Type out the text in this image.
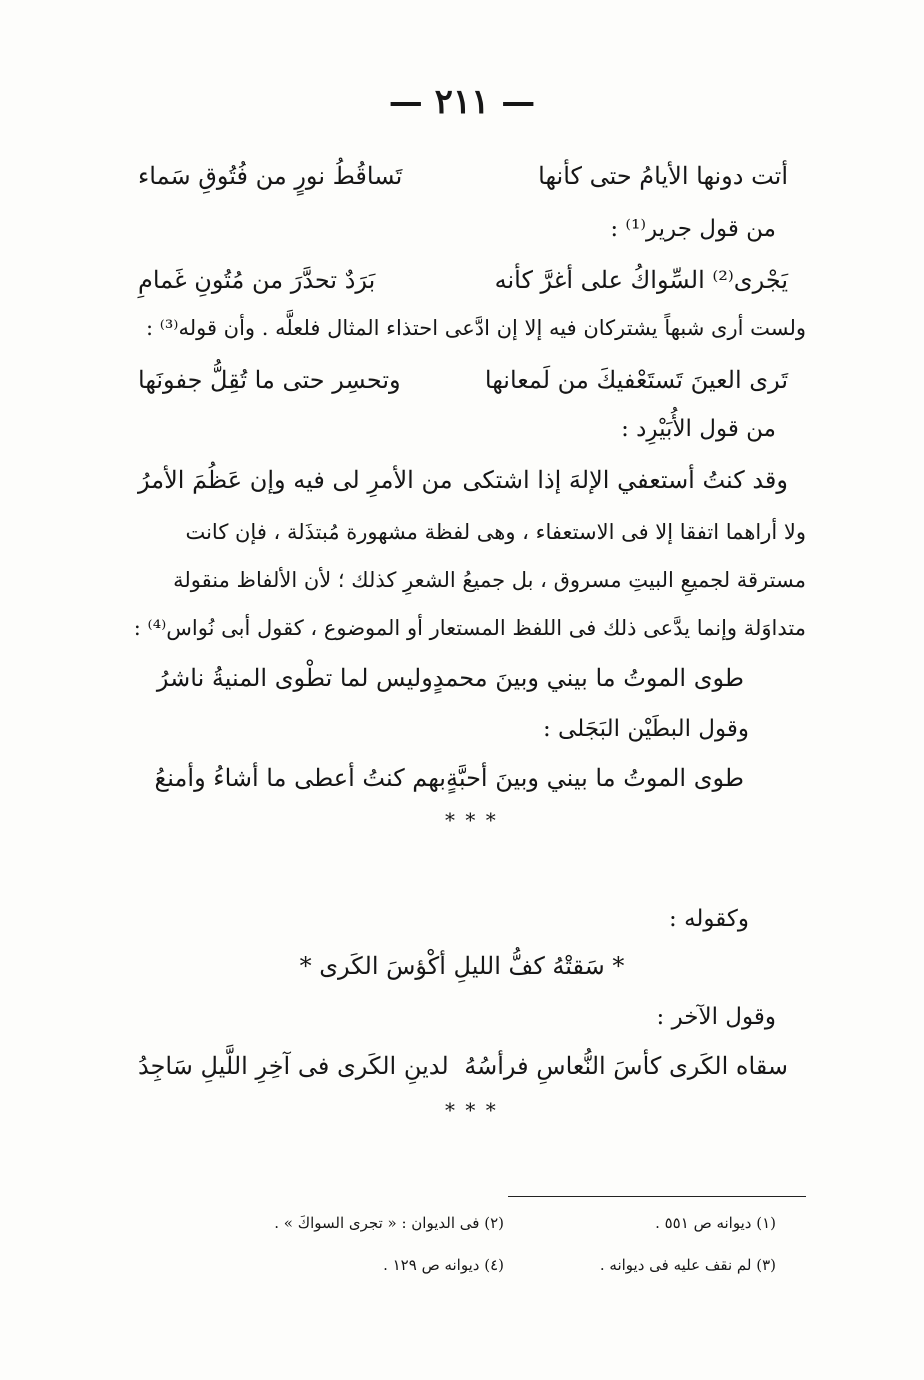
— ٢١١ —
أتت دونها الأيامُ حتى كأنها
تَساقُطُ نورٍ من فُتُوقِ سَماء
من قول جرير⁽¹⁾ :
يَجْرى⁽²⁾ السِّواكُ على أغرَّ كأنه
بَرَدٌ تحدَّرَ من مُتُونِ غَمامِ
ولست أرى شبهاً يشتركان فيه إلا إن ادَّعى احتذاء المثال فلعلَّه . وأن قوله⁽³⁾ :
تَرى العينَ تَستَعْفيكَ من لَمعانها
وتحسِر حتى ما تُقِلُّ جفونَها
من قول الأُبَيْرِد :
وقد كنتُ أستعفي الإلهَ إذا اشتكى
من الأمرِ لى فيه وإن عَظُمَ الأمرُ
ولا أراهما اتفقا إلا فى الاستعفاء ، وهى لفظة مشهورة مُبتذَلة ، فإن كانت
مسترقة لجميعِ البيتِ مسروق ، بل جميعُ الشعرِ كذلك ؛ لأن الألفاظ منقولة
متداوَلة وإنما يدَّعى ذلك فى اللفظ المستعار أو الموضوع ، كقول أبى نُواس⁽⁴⁾ :
طوى الموتُ ما بيني وبينَ محمدٍ
وليس لما تطْوى المنيةُ ناشرُ
وقول البطَيْن البَجَلى :
طوى الموتُ ما بيني وبينَ أحبَّةٍ
بهم كنتُ أعطى ما أشاءُ وأمنعُ
* * *
وكقوله :
* سَقتْهُ كفُّ الليلِ أكْؤسَ الكَرى *
وقول الآخر :
سقاه الكَرى كأسَ النُّعاسِ فرأسُهُ
لدينِ الكَرى فى آخِرِ اللَّيلِ سَاجِدُ
* * *
(١) ديوانه ص ٥٥١ .
(٢) فى الديوان : « تجرى السواكَ » .
(٣) لم نقف عليه فى ديوانه .
(٤) ديوانه ص ١٢٩ .
